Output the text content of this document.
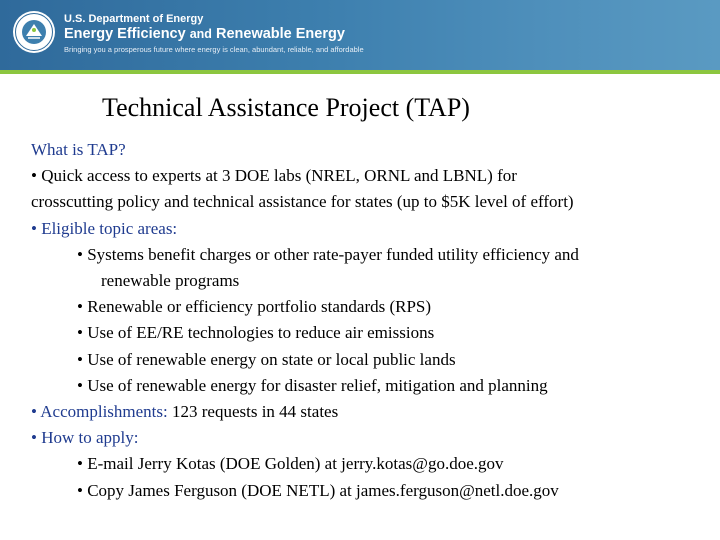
U.S. Department of Energy
Energy Efficiency and Renewable Energy
Bringing you a prosperous future where energy is clean, abundant, reliable, and affordable
Technical Assistance Project (TAP)
What is TAP?
• Quick access to experts at 3 DOE labs (NREL, ORNL and LBNL) for
crosscutting policy and technical assistance for states (up to $5K level of effort)
• Eligible topic areas:
• Systems benefit charges or other rate-payer funded utility efficiency and
renewable programs
• Renewable or efficiency portfolio standards (RPS)
• Use of EE/RE technologies to reduce air emissions
• Use of renewable energy on state or local public lands
• Use of renewable energy for disaster relief, mitigation and planning
• Accomplishments: 123 requests in 44 states
• How to apply:
• E-mail Jerry Kotas (DOE Golden) at jerry.kotas@go.doe.gov
• Copy James Ferguson (DOE NETL) at james.ferguson@netl.doe.gov
